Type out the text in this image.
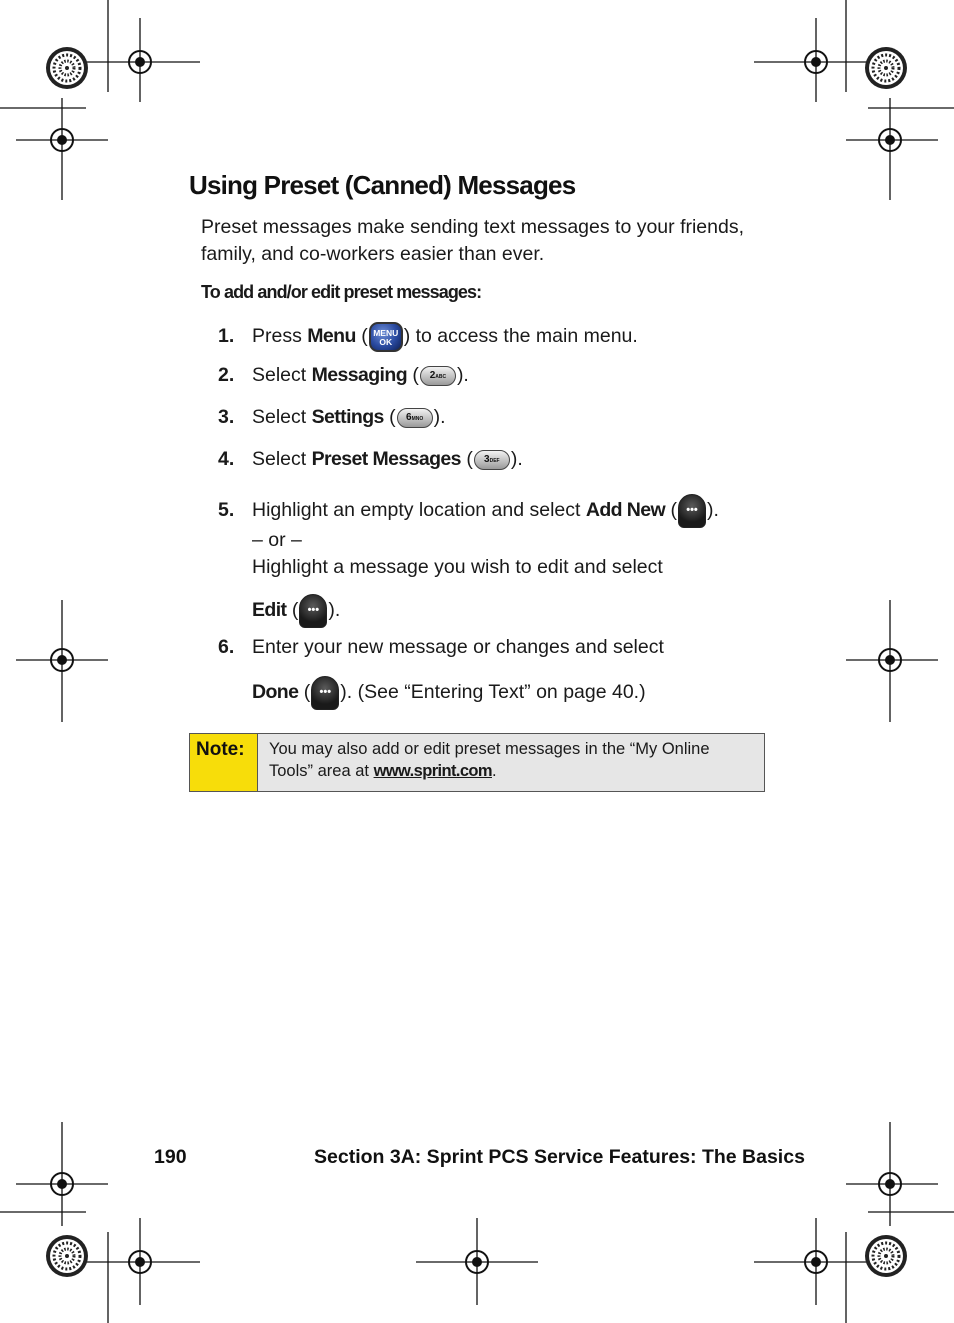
Using Preset (Canned) Messages
Preset messages make sending text messages to your friends,
family, and co-workers easier than ever.
To add and/or edit preset messages:
1. Press Menu ( MENU
OK ) to access the main menu.
2. Select Messaging ( 2ABC ).
3. Select Settings ( 6MNO ).
4. Select Preset Messages ( 3DEF ).
5. Highlight an empty location and select Add New ( ••• ).
– or –
Highlight a message you wish to edit and select
Edit ( ••• ).
6. Enter your new message or changes and select
Done ( ••• ). (See “Entering Text” on page 40.)
Note:	You may also add or edit preset messages in the “My Online
Tools” area at www.sprint.com.
190	Section 3A: Sprint PCS Service Features: The Basics
